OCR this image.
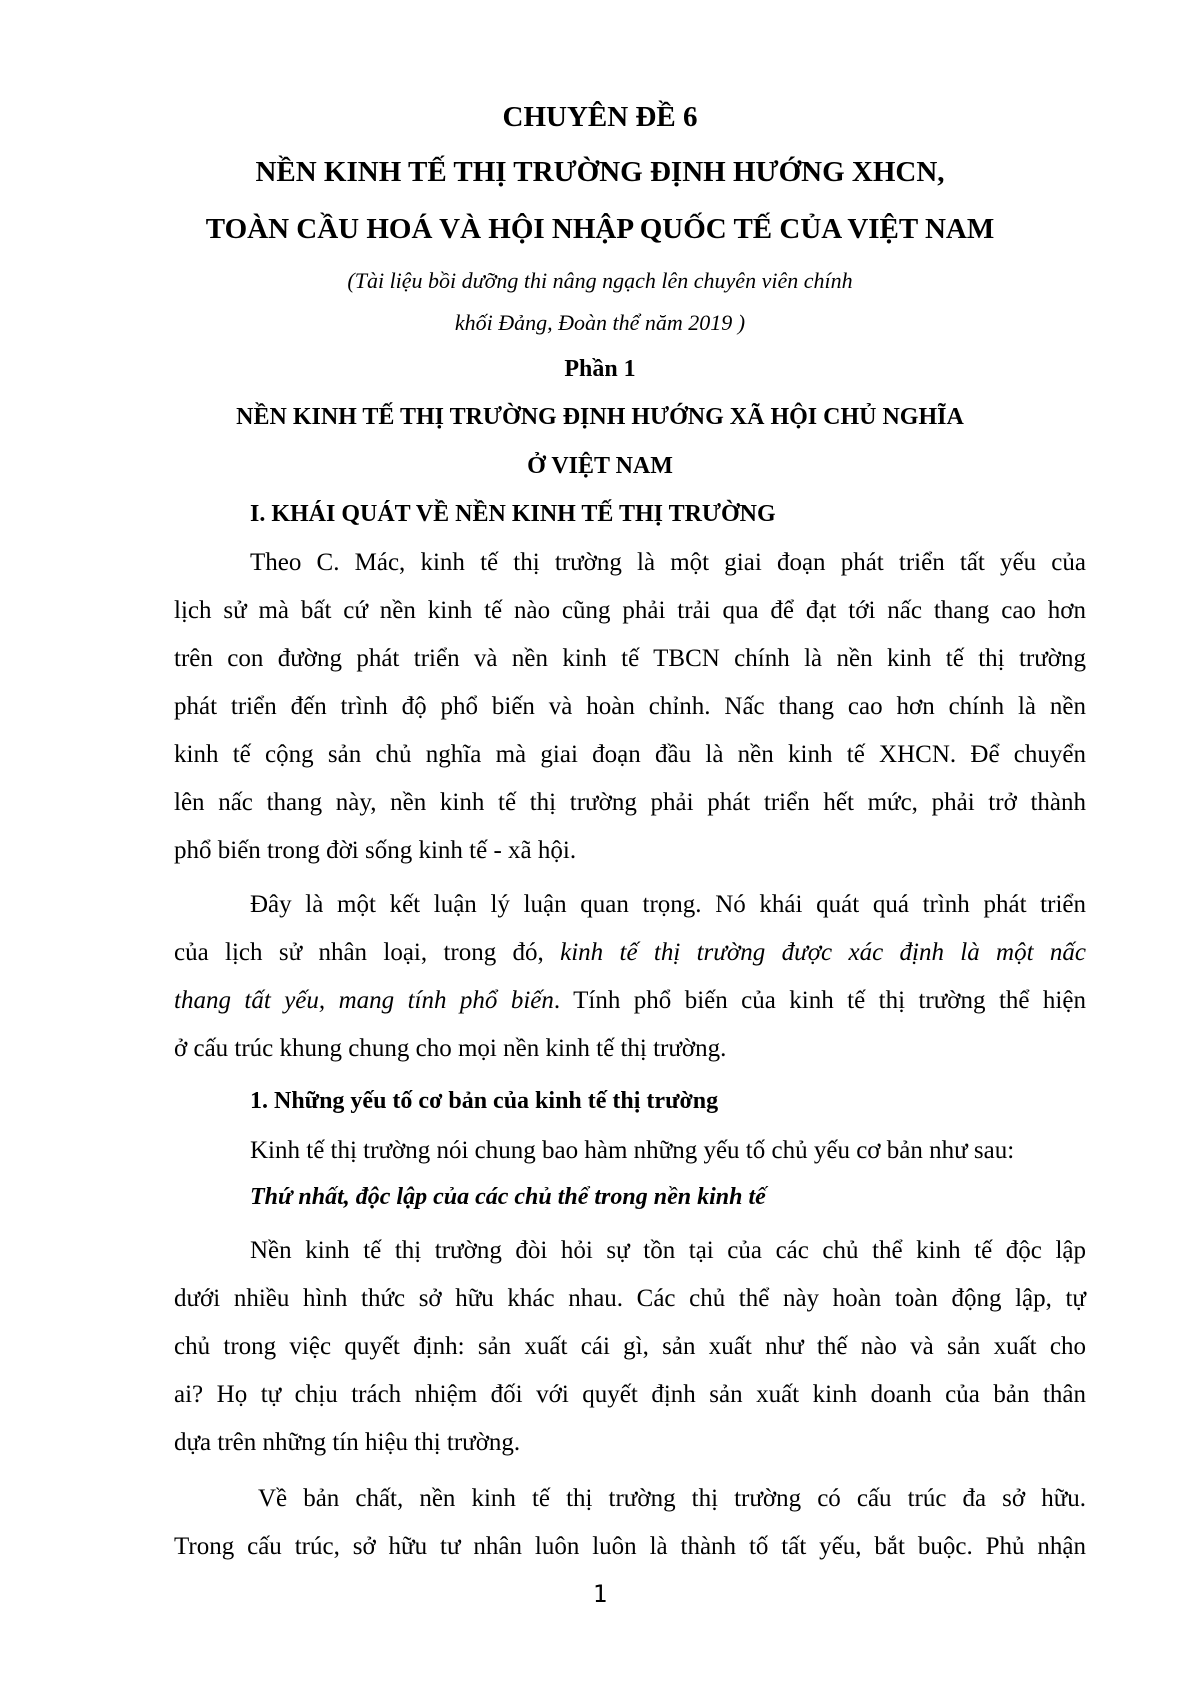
CHUYÊN ĐỀ 6
NỀN KINH TẾ THỊ TRƯỜNG ĐỊNH HƯỚNG XHCN,
TOÀN CẦU HOÁ VÀ HỘI NHẬP QUỐC TẾ CỦA VIỆT NAM
(Tài liệu bồi dưỡng thi nâng ngạch lên chuyên viên chính
khối Đảng, Đoàn thể năm 2019 )
Phần 1
NỀN KINH TẾ THỊ TRƯỜNG ĐỊNH HƯỚNG XÃ HỘI CHỦ NGHĨA
Ở VIỆT NAM
I. KHÁI QUÁT VỀ NỀN KINH TẾ THỊ TRƯỜNG
Theo C. Mác, kinh tế thị trường là một giai đoạn phát triển tất yếu của
lịch sử mà bất cứ nền kinh tế nào cũng phải trải qua để đạt tới nấc thang cao hơn
trên con đường phát triển và nền kinh tế TBCN chính là nền kinh tế thị trường
phát triển đến trình độ phổ biến và hoàn chỉnh. Nấc thang cao hơn chính là nền
kinh tế cộng sản chủ nghĩa mà giai đoạn đầu là nền kinh tế XHCN. Để chuyển
lên nấc thang này, nền kinh tế thị trường phải phát triển hết mức, phải trở thành
phổ biến trong đời sống kinh tế - xã hội.
Đây là một kết luận lý luận quan trọng. Nó khái quát quá trình phát triển
của lịch sử nhân loại, trong đó, kinh tế thị trường được xác định là một nấc
thang tất yếu, mang tính phổ biến. Tính phổ biến của kinh tế thị trường thể hiện
ở cấu trúc khung chung cho mọi nền kinh tế thị trường.
1. Những yếu tố cơ bản của kinh tế thị trường
Kinh tế thị trường nói chung bao hàm những yếu tố chủ yếu cơ bản như sau:
Thứ nhất, độc lập của các chủ thể trong nền kinh tế
Nền kinh tế thị trường đòi hỏi sự tồn tại của các chủ thể kinh tế độc lập
dưới nhiều hình thức sở hữu khác nhau. Các chủ thể này hoàn toàn động lập, tự
chủ trong việc quyết định: sản xuất cái gì, sản xuất như thế nào và sản xuất cho
ai? Họ tự chịu trách nhiệm đối với quyết định sản xuất kinh doanh của bản thân
dựa trên những tín hiệu thị trường.
Về bản chất, nền kinh tế thị trường thị trường có cấu trúc đa sở hữu.
Trong cấu trúc, sở hữu tư nhân luôn luôn là thành tố tất yếu, bắt buộc. Phủ nhận
1
